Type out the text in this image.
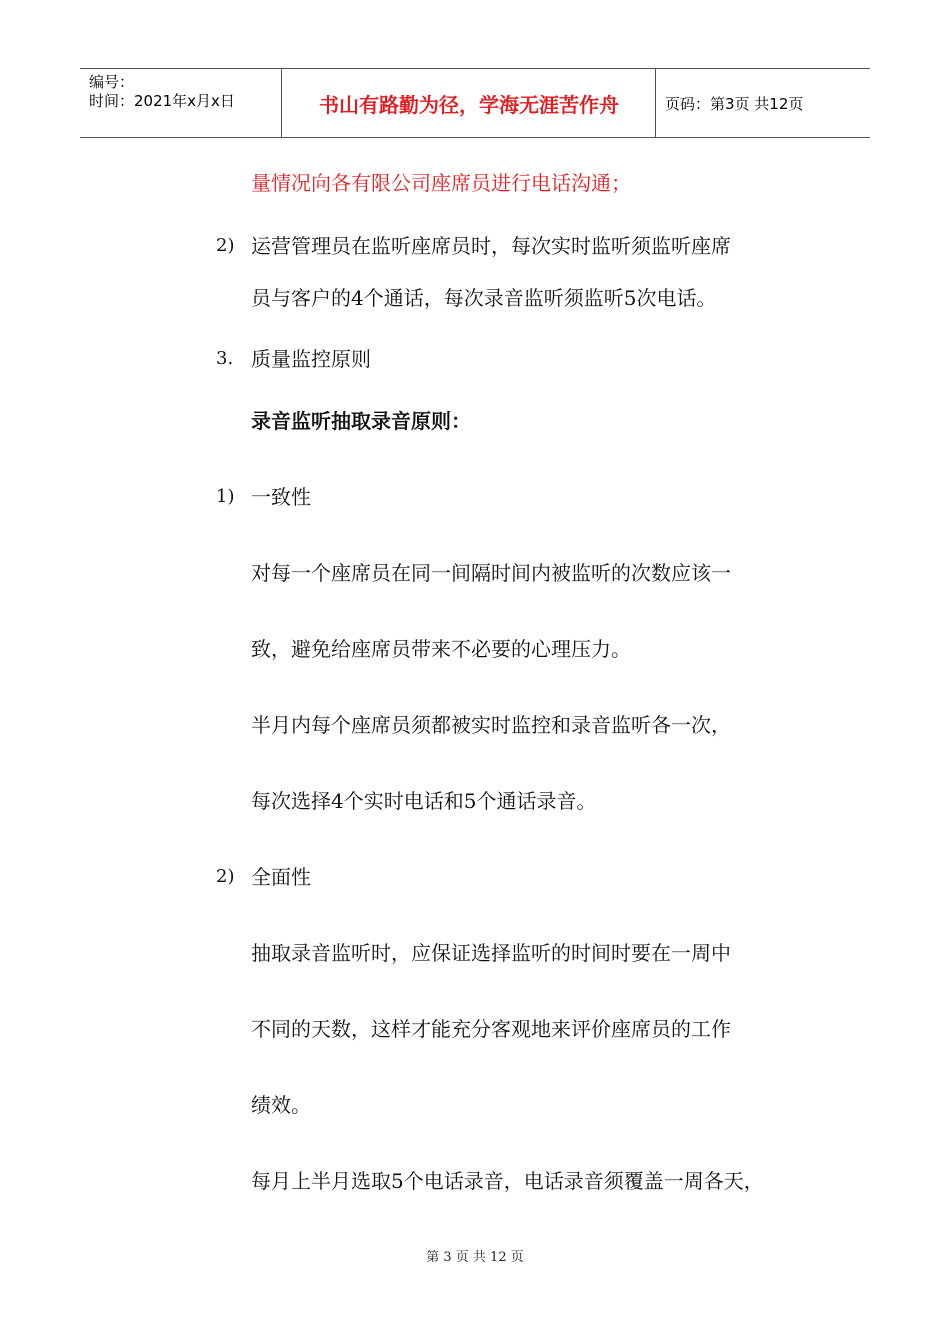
编号：
时间：2021年x月x日	书山有路勤为径，学海无涯苦作舟	页码：第3页 共12页
量情况向各有限公司座席员进行电话沟通；
2) 运营管理员在监听座席员时，每次实时监听须监听座席
员与客户的4个通话，每次录音监听须监听5次电话。
3. 质量监控原则
录音监听抽取录音原则：
1) 一致性
对每一个座席员在同一间隔时间内被监听的次数应该一
致，避免给座席员带来不必要的心理压力。
半月内每个座席员须都被实时监控和录音监听各一次，
每次选择4个实时电话和5个通话录音。
2) 全面性
抽取录音监听时，应保证选择监听的时间时要在一周中
不同的天数，这样才能充分客观地来评价座席员的工作
绩效。
每月上半月选取5个电话录音，电话录音须覆盖一周各天，
第 3 页 共 12 页
